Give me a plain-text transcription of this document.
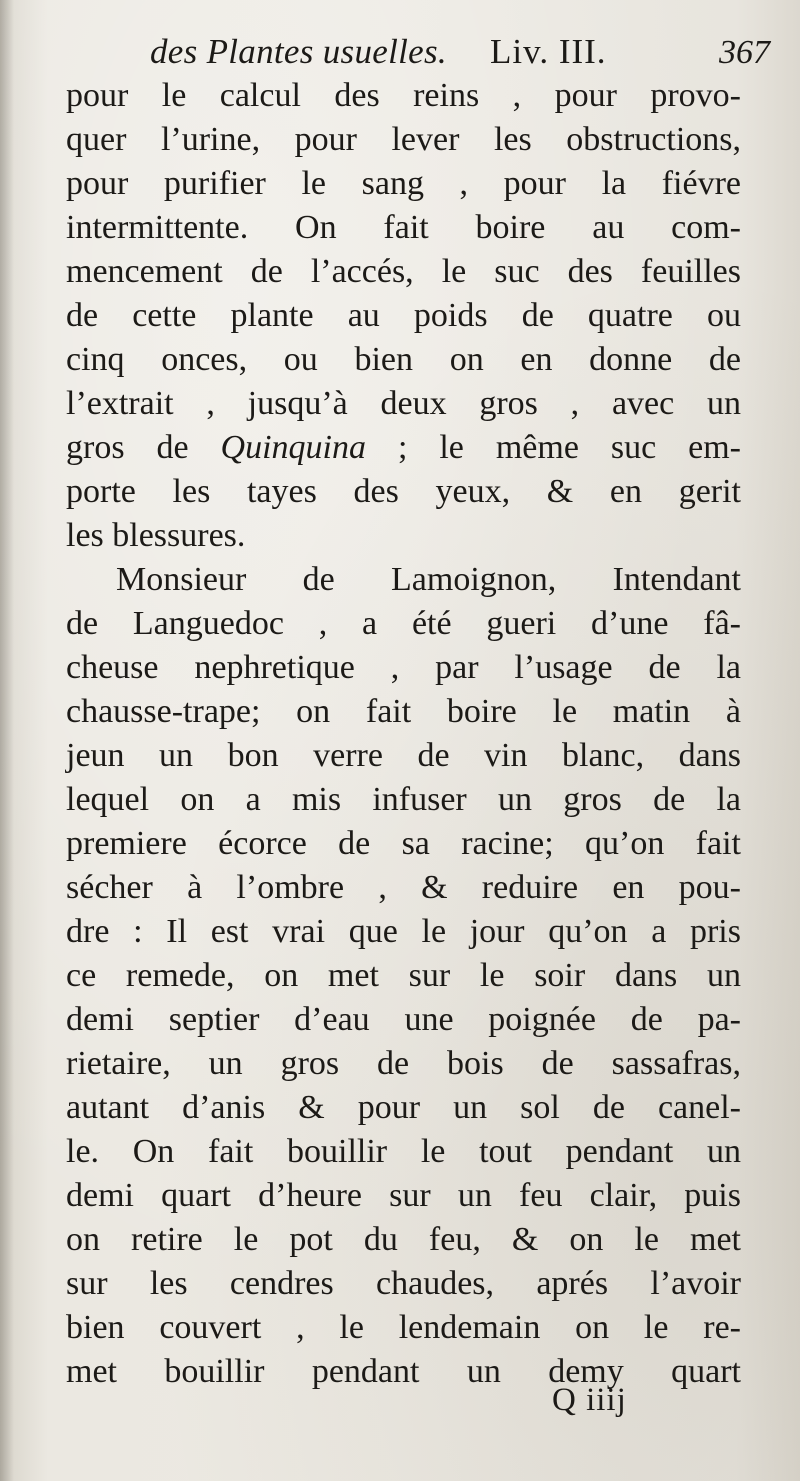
des Plantes usuelles. Liv. III.	367
pour le calcul des reins , pour provo-
quer l’urine, pour lever les obstructions,
pour purifier le sang , pour la fiévre
intermittente. On fait boire au com-
mencement de l’accés, le suc des feuilles
de cette plante au poids de quatre ou
cinq onces, ou bien on en donne de
l’extrait , jusqu’à deux gros , avec un
gros de Quinquina ; le même suc em-
porte les tayes des yeux, & en gerit
les blessures.
Monsieur de Lamoignon, Intendant
de Languedoc , a été gueri d’une fâ-
cheuse nephretique , par l’usage de la
chausse-trape; on fait boire le matin à
jeun un bon verre de vin blanc, dans
lequel on a mis infuser un gros de la
premiere écorce de sa racine; qu’on fait
sécher à l’ombre , & reduire en pou-
dre : Il est vrai que le jour qu’on a pris
ce remede, on met sur le soir dans un
demi septier d’eau une poignée de pa-
rietaire, un gros de bois de sassafras,
autant d’anis & pour un sol de canel-
le. On fait bouillir le tout pendant un
demi quart d’heure sur un feu clair, puis
on retire le pot du feu, & on le met
sur les cendres chaudes, aprés l’avoir
bien couvert , le lendemain on le re-
met bouillir pendant un demy quart
Q iiij
